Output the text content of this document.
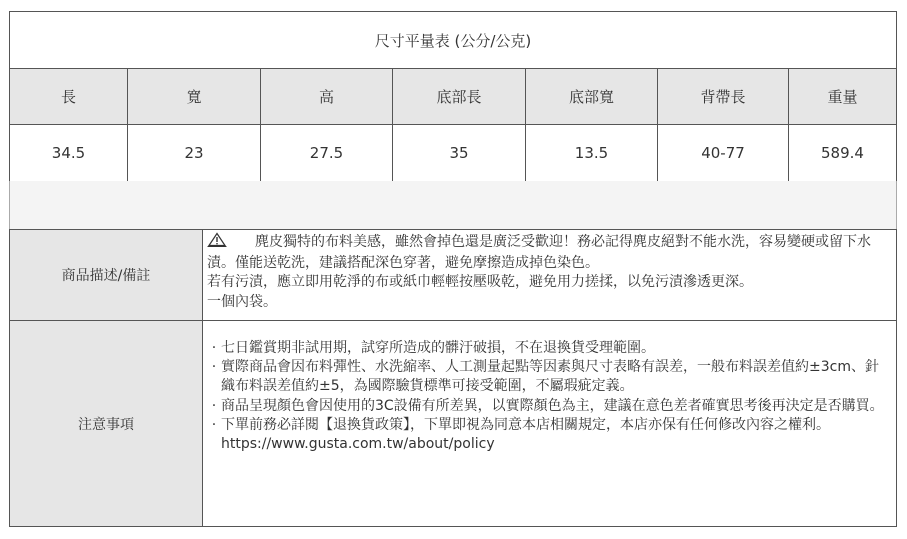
尺寸平量表 (公分/公克)
長	寬	高	底部長	底部寬	背帶長	重量
34.5	23	27.5	35	13.5	40-77	589.4
商品描述/備註
麂皮獨特的布料美感，雖然會掉色還是廣泛受歡迎！務必記得麂皮絕對不能水洗，容易變硬或留下水漬。僅能送乾洗，建議搭配深色穿著，避免摩擦造成掉色染色。
若有污漬，應立即用乾淨的布或紙巾輕輕按壓吸乾，避免用力搓揉，以免污漬滲透更深。
一個內袋。
注意事項
· 七日鑑賞期非試用期，試穿所造成的髒汙破損，不在退換貨受理範圍。
· 實際商品會因布料彈性、水洗縮率、人工測量起點等因素與尺寸表略有誤差，一般布料誤差值約±3cm、針織布料誤差值約±5，為國際驗貨標準可接受範圍，不屬瑕疵定義。
· 商品呈現顏色會因使用的3C設備有所差異，以實際顏色為主，建議在意色差者確實思考後再決定是否購買。
· 下單前務必詳閱【退換貨政策】，下單即視為同意本店相關規定，本店亦保有任何修改內容之權利。https://www.gusta.com.tw/about/policy
